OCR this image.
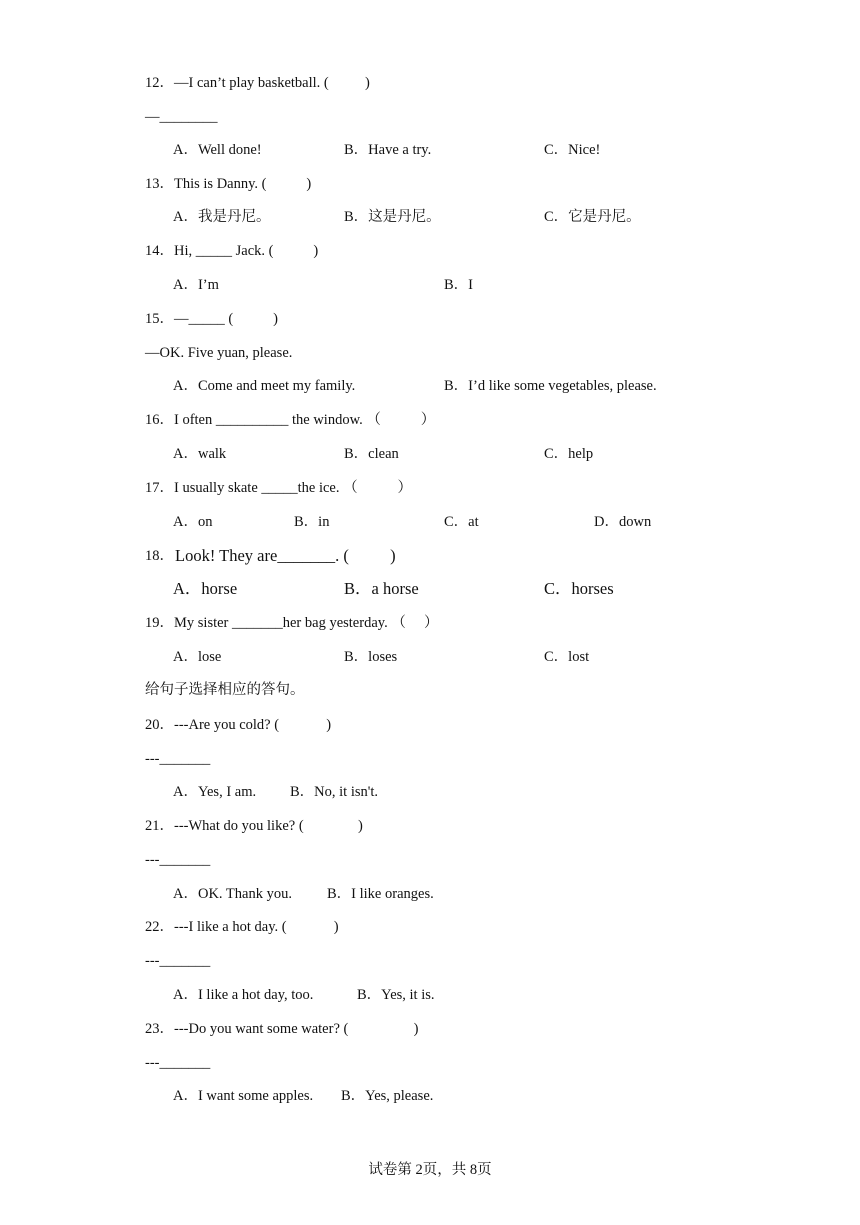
12．—I can’t play basketball. (          )

—________

A．Well done!

	B．Have a try.

	C．Nice!

13．This is Danny. (           )

A．我是丹尼。

	B．这是丹尼。

	C．它是丹尼。

14．Hi, _____ Jack. (           )

A．I’m

	B．I

15．—_____ (           )

—OK. Five yuan, please.

A．Come and meet my family.

	B．I’d like some vegetables, please.

16．I often __________ the window. （           ）

A．walk

	B．clean

	C．help

17．I usually skate _____the ice. （           ）

A．on

	B．in

	C．at

	D．down

18．

Look! They are_______. (          )

A．horse

	B．a horse

	C．horses

19．My sister _______her bag yesterday. （     ）

A．lose

	B．loses

	C．lost

给句子选择相应的答句。

20．---Are you cold? (             )

---_______

A．Yes, I am.

B．No, it isn't.

21．---What do you like? (               )

---_______

A．OK. Thank you.

B．I like oranges.

22．---I like a hot day. (             )

---_______

A．I like a hot day, too.

	B．Yes, it is.

23．---Do you want some water? (                  )

---_______

A．I want some apples.

B．Yes, please.

试卷第 2页，共 8页
